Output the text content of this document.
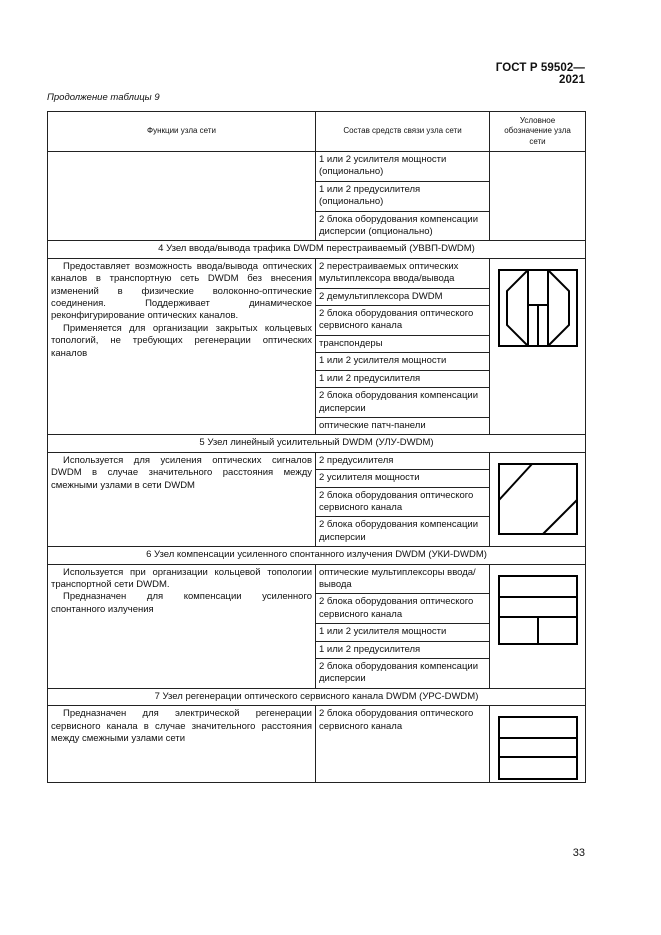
ГОСТ Р 59502—2021
Продолжение таблицы 9
Функции узла сети	Состав средств связи узла сети	Условное обозначение узла сети
	1 или 2 усилителя мощности (опционально)	
	1 или 2 предусилителя (опционально)	
	2 блока оборудования компенсации дисперсии (опционально)	
4 Узел ввода/вывода трафика DWDM перестраиваемый (УВВП-DWDM)		

Предоставляет возможность ввода/вывода оптических каналов в транспортную сеть DWDM без внесения изменений в физические волоконно-оптические соединения. Поддерживает динамическое реконфигурирование оптических каналов.

Применяется для организации закрытых кольцевых топологий, не требующих регенерации оптических каналов	2 перестраиваемых оптических мультиплексора ввода/вывода	

	2 демультиплексора DWDM	
	2 блока оборудования оптического сервисного канала	
	транспондеры	
	1 или 2 усилителя мощности	
	1 или 2 предусилителя	
	2 блока оборудования компенсации дисперсии	
	оптические патч-панели	
5 Узел линейный усилительный DWDM (УЛУ-DWDM)		

Используется для усиления оптических сигналов DWDM в случае значительного расстояния между смежными узлами в сети DWDM	2 предусилителя	

	2 усилителя мощности	
	2 блока оборудования оптического сервисного канала	
	2 блока оборудования компенсации дисперсии	
6 Узел компенсации усиленного спонтанного излучения DWDM (УКИ-DWDM)		

Используется при организации кольцевой топологии транспортной сети DWDM.

Предназначен для компенсации усиленного спонтанного излучения	оптические мультиплексоры ввода/вывода	

	2 блока оборудования оптического сервисного канала	
	1 или 2 усилителя мощности	
	1 или 2 предусилителя	
	2 блока оборудования компенсации дисперсии	
7 Узел регенерации оптического сервисного канала DWDM (УРС-DWDM)		

Предназначен для электрической регенерации сервисного канала в случае значительного расстояния между смежными узлами сети	2 блока оборудования оптического сервисного канала	
33
